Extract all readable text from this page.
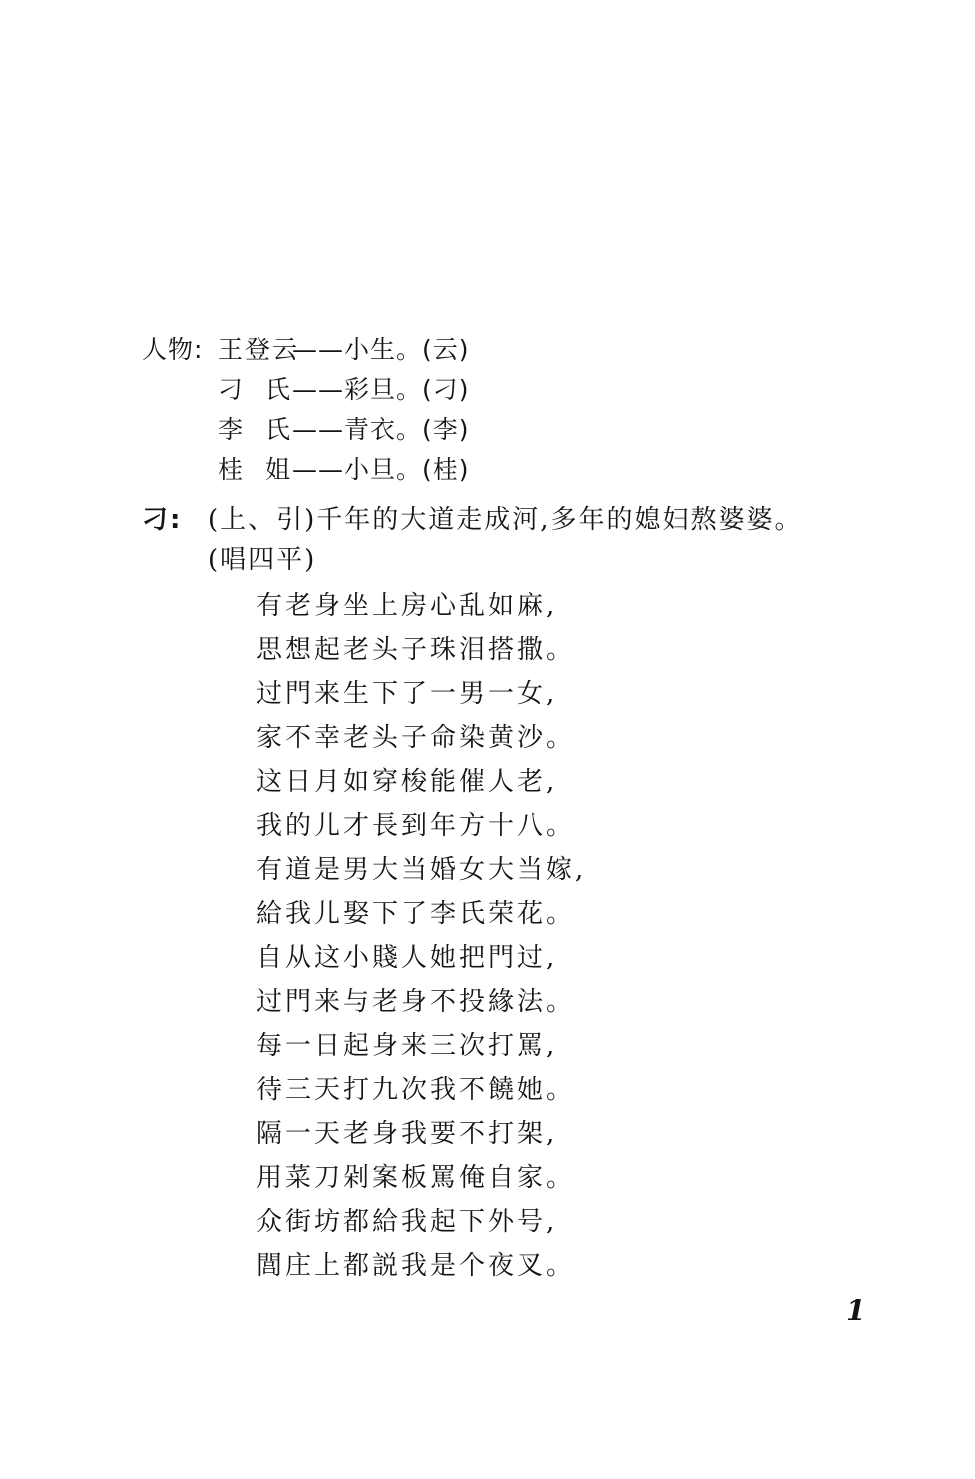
人物: 王登云
——小生。(云)
刁氏 ——彩旦。(刁)
李氏 ——青衣。(李)
桂姐 ——小旦。(桂)
刁: (上、引)千年的大道走成河,多年的媳妇熬婆婆。
(唱四平)
有老身坐上房心乱如麻,
思想起老头子珠泪搭撒。
过門来生下了一男一女,
家不幸老头子命染黄沙。
这日月如穿梭能催人老,
我的儿才長到年方十八。
有道是男大当婚女大当嫁,
給我儿娶下了李氏荣花。
自从这小賤人她把門过,
过門来与老身不投緣法。
每一日起身来三次打罵,
待三天打九次我不饒她。
隔一天老身我要不打架,
用菜刀剁案板罵俺自家。
众街坊都給我起下外号,
閭庄上都説我是个夜叉。
1
